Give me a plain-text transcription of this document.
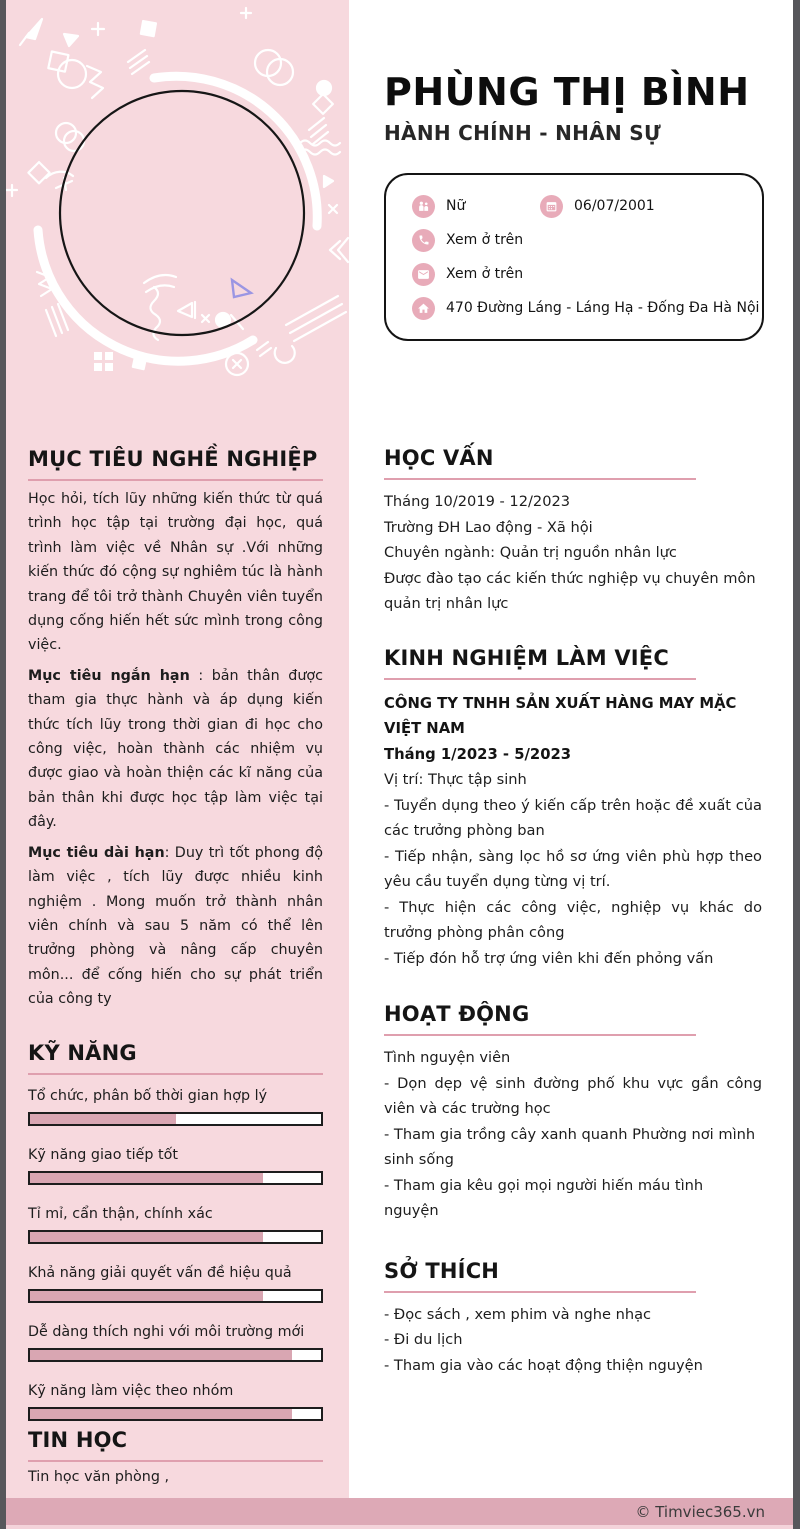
MỤC TIÊU NGHỀ NGHIỆP

Học hỏi, tích lũy những kiến thức từ quá trình học tập tại trường đại học, quá trình làm việc về Nhân sự .Với những kiến thức đó cộng sự nghiêm túc là hành trang để tôi trở thành Chuyên viên tuyển dụng cống hiến hết sức mình trong công việc.

Mục tiêu ngắn hạn : bản thân được tham gia thực hành và áp dụng kiến thức tích lũy trong thời gian đi học cho công việc, hoàn thành các nhiệm vụ được giao và hoàn thiện các kĩ năng của bản thân khi được học tập làm việc tại đây.

Mục tiêu dài hạn: Duy trì tốt phong độ làm việc , tích lũy được nhiều kinh nghiệm . Mong muốn trở thành nhân viên chính và sau 5 năm có thể lên trưởng phòng và nâng cấp chuyên môn... để cống hiến cho sự phát triển của công ty

KỸ NĂNG
Tổ chức, phân bố thời gian hợp lý
Kỹ năng giao tiếp tốt
Tỉ mỉ, cẩn thận, chính xác
Khả năng giải quyết vấn đề hiệu quả
Dễ dàng thích nghi với môi trường mới
Kỹ năng làm việc theo nhóm
TIN HỌC
Tin học văn phòng ,
PHÙNG THỊ BÌNH
HÀNH CHÍNH - NHÂN SỰ
Nữ	06/07/2001
Xem ở trên
Xem ở trên
470 Đường Láng - Láng Hạ - Đống Đa Hà Nội
HỌC VẤN
Tháng 10/2019 - 12/2023
Trường ĐH Lao động - Xã hội
Chuyên ngành: Quản trị nguồn nhân lực
Được đào tạo các kiến thức nghiệp vụ chuyên môn quản trị nhân lực
KINH NGHIỆM LÀM VIỆC
CÔNG TY TNHH SẢN XUẤT HÀNG MAY MẶC VIỆT NAM
Tháng 1/2023 - 5/2023
Vị trí: Thực tập sinh
- Tuyển dụng theo ý kiến cấp trên hoặc đề xuất của các trưởng phòng ban
- Tiếp nhận, sàng lọc hồ sơ ứng viên phù hợp theo yêu cầu tuyển dụng từng vị trí.
- Thực hiện các công việc, nghiệp vụ khác do trưởng phòng phân công
- Tiếp đón hỗ trợ ứng viên khi đến phỏng vấn
HOẠT ĐỘNG
Tình nguyện viên
- Dọn dẹp vệ sinh đường phố khu vực gần công viên và các trường học
- Tham gia trồng cây xanh quanh Phường nơi mình sinh sống
- Tham gia kêu gọi mọi người hiến máu tình nguyện
SỞ THÍCH
- Đọc sách , xem phim và nghe nhạc
- Đi du lịch
- Tham gia vào các hoạt động thiện nguyện
© Timviec365.vn
